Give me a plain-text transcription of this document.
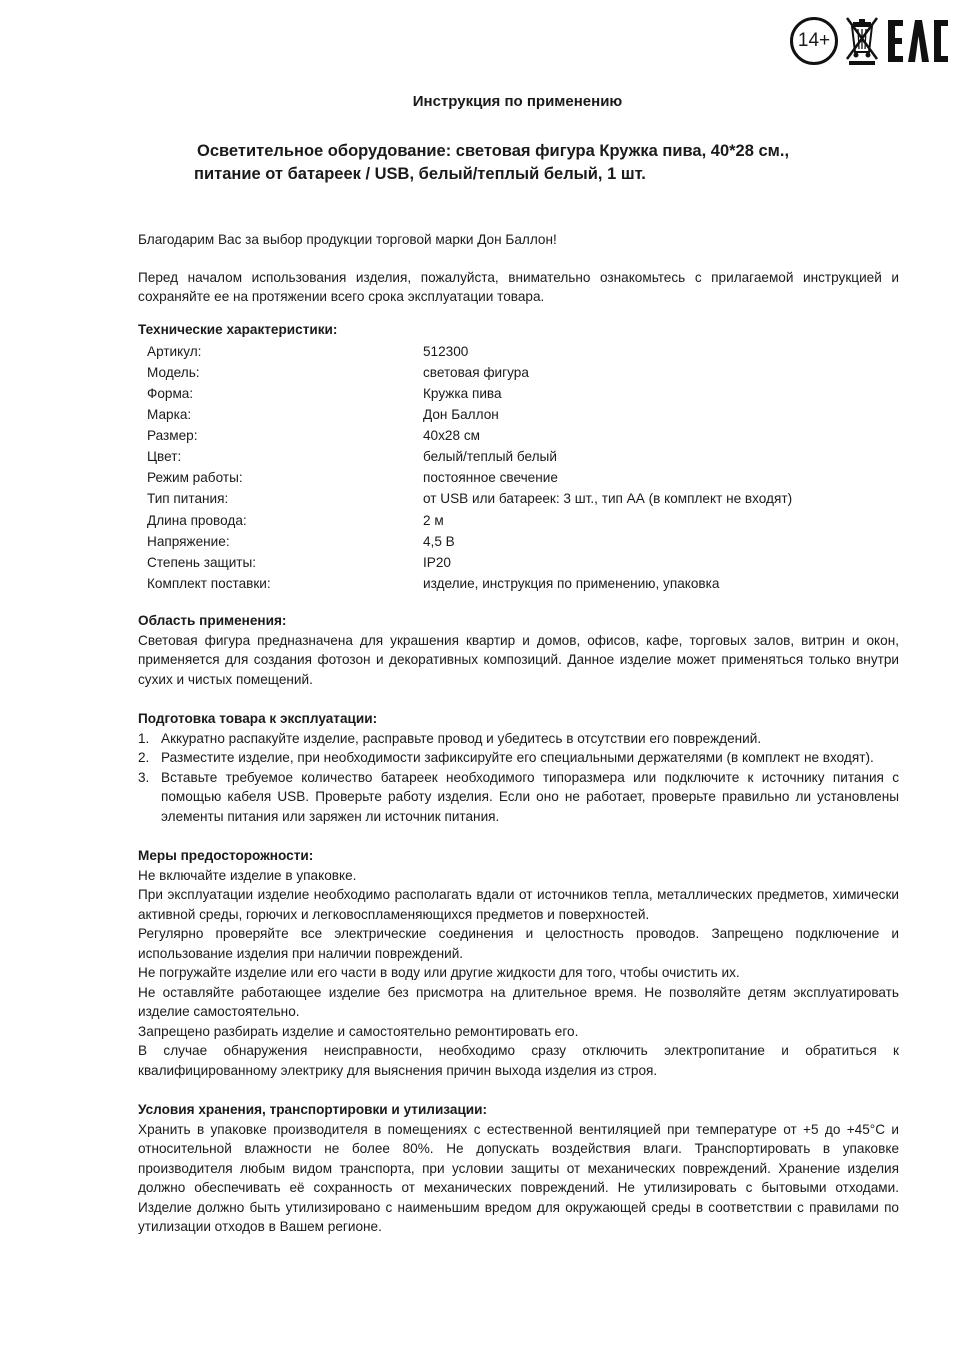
14+
Инструкция по применению
Осветительное оборудование: световая фигура Кружка пива, 40*28 см.,
питание от батареек / USB, белый/теплый белый, 1 шт.

Благодарим Вас за выбор продукции торговой марки Дон Баллон!

Перед началом использования изделия, пожалуйста, внимательно ознакомьтесь с прилагаемой инструкцией и сохраняйте ее на протяжении всего срока эксплуатации товара.

Технические характеристики:

Артикул:	512300
Модель:	световая фигура
Форма:	Кружка пива
Марка:	Дон Баллон
Размер:	40x28 см
Цвет:	белый/теплый белый
Режим работы:	постоянное свечение
Тип питания:	от USB или батареек: 3 шт., тип АА (в комплект не входят)
Длина провода:	2 м
Напряжение:	4,5 В
Степень защиты:	IP20
Комплект поставки:	изделие, инструкция по применению, упаковка

Область применения:

Световая фигура предназначена для украшения квартир и домов, офисов, кафе, торговых залов, витрин и окон, применяется для создания фотозон и декоративных композиций. Данное изделие может применяться только внутри сухих и чистых помещений.

Подготовка товара к эксплуатации:

1. Аккуратно распакуйте изделие, расправьте провод и убедитесь в отсутствии его повреждений.
2. Разместите изделие, при необходимости зафиксируйте его специальными держателями (в комплект не входят).
3. Вставьте требуемое количество батареек необходимого типоразмера или подключите к источнику питания с помощью кабеля USB. Проверьте работу изделия. Если оно не работает, проверьте правильно ли установлены элементы питания или заряжен ли источник питания.

Меры предосторожности:

Не включайте изделие в упаковке.

При эксплуатации изделие необходимо располагать вдали от источников тепла, металлических предметов, химически активной среды, горючих и легковоспламеняющихся предметов и поверхностей.

Регулярно проверяйте все электрические соединения и целостность проводов. Запрещено подключение и использование изделия при наличии повреждений.

Не погружайте изделие или его части в воду или другие жидкости для того, чтобы очистить их.

Не оставляйте работающее изделие без присмотра на длительное время. Не позволяйте детям эксплуатировать изделие самостоятельно.

Запрещено разбирать изделие и самостоятельно ремонтировать его.

В случае обнаружения неисправности, необходимо сразу отключить электропитание и обратиться к квалифицированному электрику для выяснения причин выхода изделия из строя.

Условия хранения, транспортировки и утилизации:

Хранить в упаковке производителя в помещениях с естественной вентиляцией при температуре от +5 до +45°С и относительной влажности не более 80%. Не допускать воздействия влаги. Транспортировать в упаковке производителя любым видом транспорта, при условии защиты от механических повреждений. Хранение изделия должно обеспечивать её сохранность от механических повреждений. Не утилизировать с бытовыми отходами. Изделие должно быть утилизировано с наименьшим вредом для окружающей среды в соответствии с правилами по утилизации отходов в Вашем регионе.
